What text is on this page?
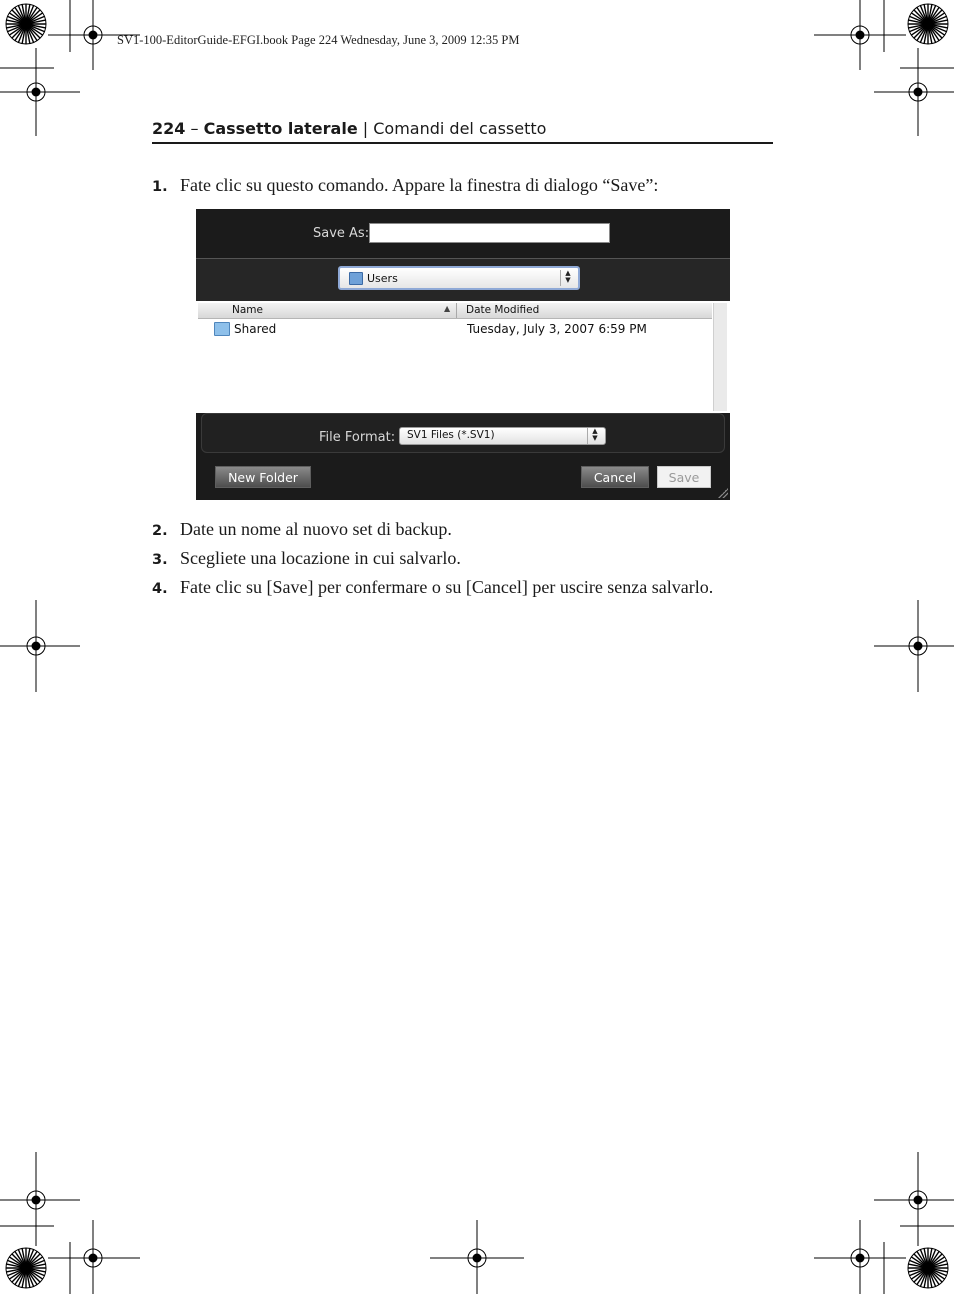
SV1-100-EditorGuide-EFGI.book Page 224 Wednesday, June 3, 2009 12:35 PM
224 – Cassetto laterale | Comandi del cassetto
1. Fate clic su questo comando. Appare la finestra di dialogo “Save”:
Save As:
Users	▲
▼
Name	▲ Date Modified
Shared	Tuesday, July 3, 2007 6:59 PM
File Format: SV1 Files (*.SV1)	▲
▼
New Folder	Cancel	Save
2. Date un nome al nuovo set di backup.
3. Scegliete una locazione in cui salvarlo.
4. Fate clic su [Save] per confermare o su [Cancel] per uscire senza salvarlo.
